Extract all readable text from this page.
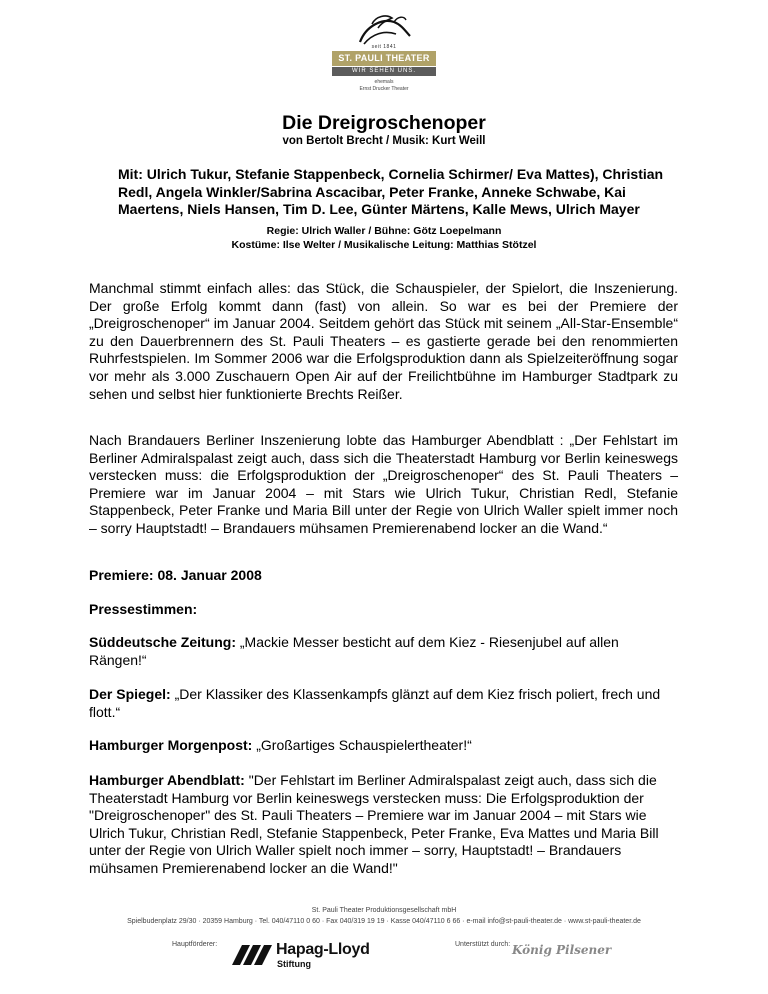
seit 1841
ST. PAULI THEATER
WIR SEHEN UNS.
ehemals
Ernst Drucker Theater
Die Dreigroschenoper
von Bertolt Brecht / Musik: Kurt Weill
Mit: Ulrich Tukur, Stefanie Stappenbeck, Cornelia Schirmer/ Eva Mattes), Christian Redl, Angela Winkler/Sabrina Ascacibar, Peter Franke, Anneke Schwabe, Kai Maertens, Niels Hansen, Tim D. Lee, Günter Märtens, Kalle Mews, Ulrich Mayer
Regie: Ulrich Waller / Bühne: Götz Loepelmann
Kostüme: Ilse Welter / Musikalische Leitung: Matthias Stötzel
Manchmal stimmt einfach alles: das Stück, die Schauspieler, der Spielort, die Inszenierung. Der große Erfolg kommt dann (fast) von allein. So war es bei der Premiere der „Dreigroschenoper“ im Januar 2004. Seitdem gehört das Stück mit seinem „All-Star-Ensemble“ zu den Dauerbrennern des St. Pauli Theaters – es gastierte gerade bei den renommierten Ruhrfestspielen. Im Sommer 2006 war die Erfolgsproduktion dann als Spielzeiteröffnung sogar vor mehr als 3.000 Zuschauern Open Air auf der Freilichtbühne im Hamburger Stadtpark zu sehen und selbst hier funktionierte Brechts Reißer.
Nach Brandauers Berliner Inszenierung lobte das Hamburger Abendblatt : „Der Fehlstart im Berliner Admiralspalast zeigt auch, dass sich die Theaterstadt Hamburg vor Berlin keineswegs verstecken muss: die Erfolgsproduktion der „Dreigroschenoper“ des St. Pauli Theaters – Premiere war im Januar 2004 – mit Stars wie Ulrich Tukur, Christian Redl, Stefanie Stappenbeck, Peter Franke und Maria Bill unter der Regie von Ulrich Waller spielt immer noch – sorry Hauptstadt! – Brandauers mühsamen Premierenabend locker an die Wand.“
Premiere: 08. Januar 2008
Pressestimmen:
Süddeutsche Zeitung: „Mackie Messer besticht auf dem Kiez - Riesenjubel auf allen Rängen!“
Der Spiegel: „Der Klassiker des Klassenkampfs glänzt auf dem Kiez frisch poliert, frech und flott.“
Hamburger Morgenpost: „Großartiges Schauspielertheater!“
Hamburger Abendblatt: "Der Fehlstart im Berliner Admiralspalast zeigt auch, dass sich die Theaterstadt Hamburg vor Berlin keineswegs verstecken muss: Die Erfolgsproduktion der "Dreigroschenoper" des St. Pauli Theaters – Premiere war im Januar 2004 – mit Stars wie Ulrich Tukur, Christian Redl, Stefanie Stappenbeck, Peter Franke, Eva Mattes und Maria Bill unter der Regie von Ulrich Waller spielt noch immer – sorry, Hauptstadt! – Brandauers mühsamen Premierenabend locker an die Wand!"
St. Pauli Theater Produktionsgesellschaft mbH
Spielbudenplatz 29/30 · 20359 Hamburg · Tel. 040/47110 0 60 · Fax 040/319 19 19 · Kasse 040/47110 6 66 · e-mail info@st-pauli-theater.de · www.st-pauli-theater.de
Hauptförderer:	Hapag-Lloyd
Stiftung
Unterstützt durch: König Pilsener
